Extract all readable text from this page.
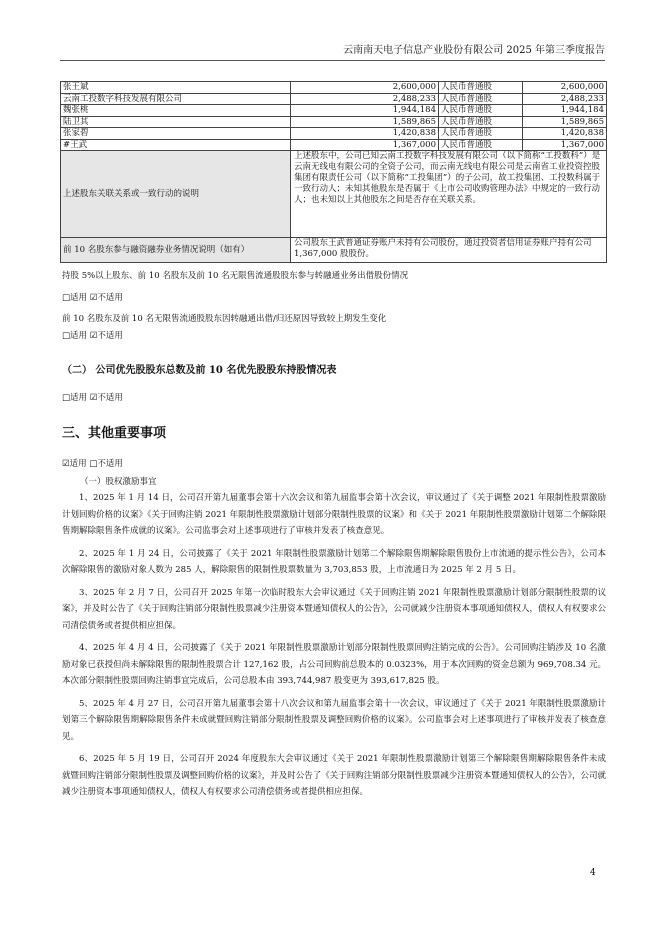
云南南天电子信息产业股份有限公司 2025 年第三季度报告
张王斌	2,600,000	人民币普通股	2,600,000
云南工投数字科技发展有限公司	2,488,233	人民币普通股	2,488,233
魏张桃	1,944,184	人民币普通股	1,944,184
陆卫其	1,589,865	人民币普通股	1,589,865
张家碧	1,420,838	人民币普通股	1,420,838
#王武	1,367,000	人民币普通股	1,367,000
上述股东关联关系或一致行动的说明	上述股东中，公司已知云南工投数字科技发展有限公司（以下简称“工投数科”）是云南无线电有限公司的全资子公司，而云南无线电有限公司是云南省工业投资控股集团有限责任公司（以下简称“工投集团”）的子公司，故工投集团、工投数科属于一致行动人；未知其他股东是否属于《上市公司收购管理办法》中规定的一致行动人；也未知以上其他股东之间是否存在关联关系。		
前 10 名股东参与融资融券业务情况说明（如有）	公司股东王武普通证券账户未持有公司股份，通过投资者信用证券账户持有公司 1,367,000 股股份。		
持股 5%以上股东、前 10 名股东及前 10 名无限售流通股股东参与转融通业务出借股份情况
□适用 ☑不适用
前 10 名股东及前 10 名无限售流通股股东因转融通出借/归还原因导致较上期发生变化
□适用 ☑不适用
（二） 公司优先股股东总数及前 10 名优先股股东持股情况表
□适用 ☑不适用
三、其他重要事项
☑适用 □不适用
（一）股权激励事宜

1、2025 年 1 月 14 日，公司召开第九届董事会第十六次会议和第九届监事会第十次会议，审议通过了《关于调整 2021 年限制性股票激励计划回购价格的议案》《关于回购注销 2021 年限制性股票激励计划部分限制性股票的议案》和《关于 2021 年限制性股票激励计划第二个解除限售期解除限售条件成就的议案》。公司监事会对上述事项进行了审核并发表了核查意见。

2、2025 年 1 月 24 日，公司披露了《关于 2021 年限制性股票激励计划第二个解除限售期解除限售股份上市流通的提示性公告》，公司本次解除限售的激励对象人数为 285 人，解除限售的限制性股票数量为 3,703,853 股，上市流通日为 2025 年 2 月 5 日。

3、2025 年 2 月 7 日，公司召开 2025 年第一次临时股东大会审议通过《关于回购注销 2021 年限制性股票激励计划部分限制性股票的议案》，并及时公告了《关于回购注销部分限制性股票减少注册资本暨通知债权人的公告》，公司就减少注册资本事项通知债权人，债权人有权要求公司清偿债务或者提供相应担保。

4、2025 年 4 月 4 日，公司披露了《关于 2021 年限制性股票激励计划部分限制性股票回购注销完成的公告》。公司回购注销涉及 10 名激励对象已获授但尚未解除限售的限制性股票合计 127,162 股，占公司回购前总股本的 0.0323%，用于本次回购的资金总额为 969,708.34 元。本次部分限制性股票回购注销事宜完成后，公司总股本由 393,744,987 股变更为 393,617,825 股。

5、2025 年 4 月 27 日，公司召开第九届董事会第十八次会议和第九届监事会第十一次会议，审议通过了《关于 2021 年限制性股票激励计划第三个解除限售期解除限售条件未成就暨回购注销部分限制性股票及调整回购价格的议案》。公司监事会对上述事项进行了审核并发表了核查意见。

6、2025 年 5 月 19 日，公司召开 2024 年度股东大会审议通过《关于 2021 年限制性股票激励计划第三个解除限售期解除限售条件未成就暨回购注销部分限制性股票及调整回购价格的议案》，并及时公告了《关于回购注销部分限制性股票减少注册资本暨通知债权人的公告》，公司就减少注册资本事项通知债权人，债权人有权要求公司清偿债务或者提供相应担保。

4
